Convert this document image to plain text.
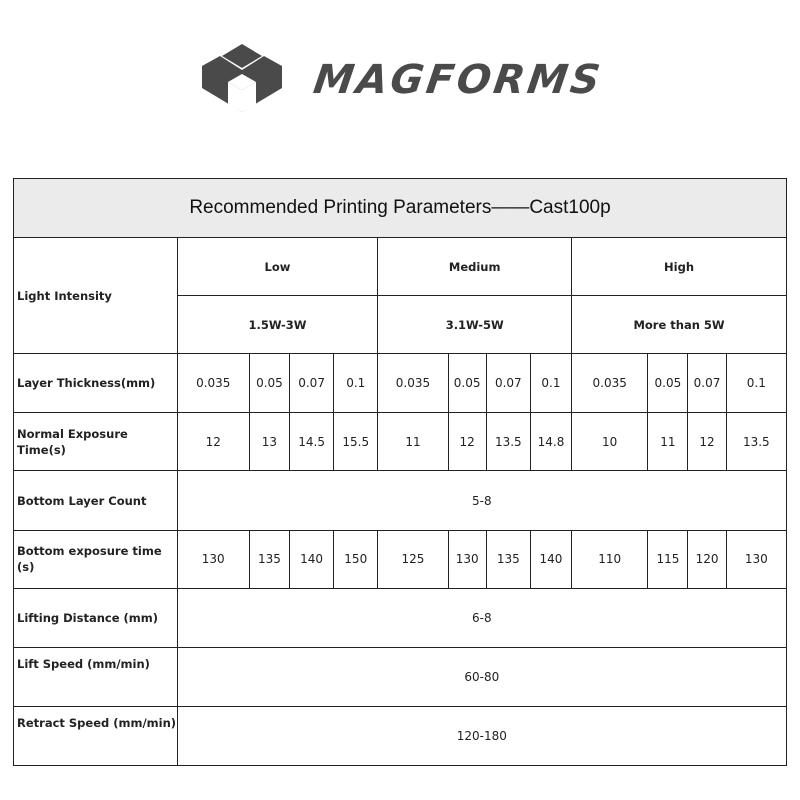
MAGFORMS
Recommended Printing Parameters——Cast100p												
Light Intensity	Low				Medium				High			
	1.5W-3W				3.1W-5W				More than 5W			
Layer Thickness(mm)	0.035	0.05	0.07	0.1	0.035	0.05	0.07	0.1	0.035	0.05	0.07	0.1
Normal Exposure Time(s)	12	13	14.5	15.5	11	12	13.5	14.8	10	11	12	13.5
Bottom Layer Count	5-8											
Bottom exposure time (s)	130	135	140	150	125	130	135	140	110	115	120	130
Lifting Distance (mm)	6-8											
Lift Speed (mm/min)	60-80											
Retract Speed (mm/min)	120-180											
